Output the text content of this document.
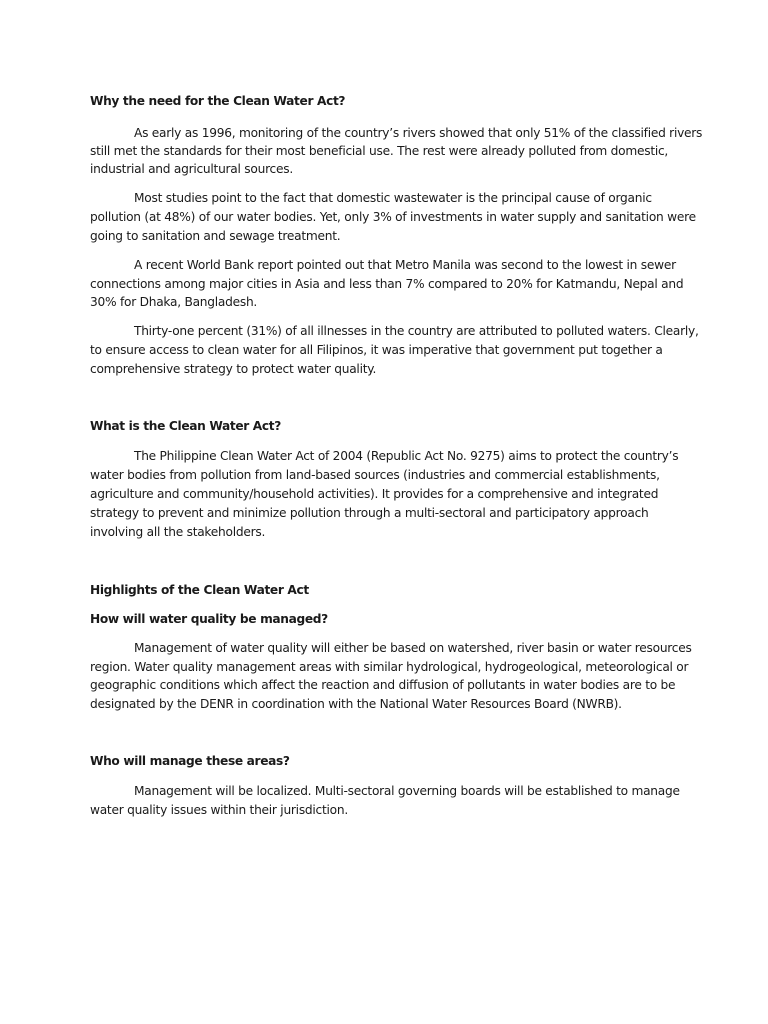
Why the need for the Clean Water Act?
As early as 1996, monitoring of the country’s rivers showed that only 51% of the classified rivers
still met the standards for their most beneficial use. The rest were already polluted from domestic,
industrial and agricultural sources.
Most studies point to the fact that domestic wastewater is the principal cause of organic
pollution (at 48%) of our water bodies. Yet, only 3% of investments in water supply and sanitation were
going to sanitation and sewage treatment.
A recent World Bank report pointed out that Metro Manila was second to the lowest in sewer
connections among major cities in Asia and less than 7% compared to 20% for Katmandu, Nepal and
30% for Dhaka, Bangladesh.
Thirty-one percent (31%) of all illnesses in the country are attributed to polluted waters. Clearly,
to ensure access to clean water for all Filipinos, it was imperative that government put together a
comprehensive strategy to protect water quality.
What is the Clean Water Act?
The Philippine Clean Water Act of 2004 (Republic Act No. 9275) aims to protect the country’s
water bodies from pollution from land-based sources (industries and commercial establishments,
agriculture and community/household activities). It provides for a comprehensive and integrated
strategy to prevent and minimize pollution through a multi-sectoral and participatory approach
involving all the stakeholders.
Highlights of the Clean Water Act
How will water quality be managed?
Management of water quality will either be based on watershed, river basin or water resources
region. Water quality management areas with similar hydrological, hydrogeological, meteorological or
geographic conditions which affect the reaction and diffusion of pollutants in water bodies are to be
designated by the DENR in coordination with the National Water Resources Board (NWRB).
Who will manage these areas?
Management will be localized. Multi-sectoral governing boards will be established to manage
water quality issues within their jurisdiction.
